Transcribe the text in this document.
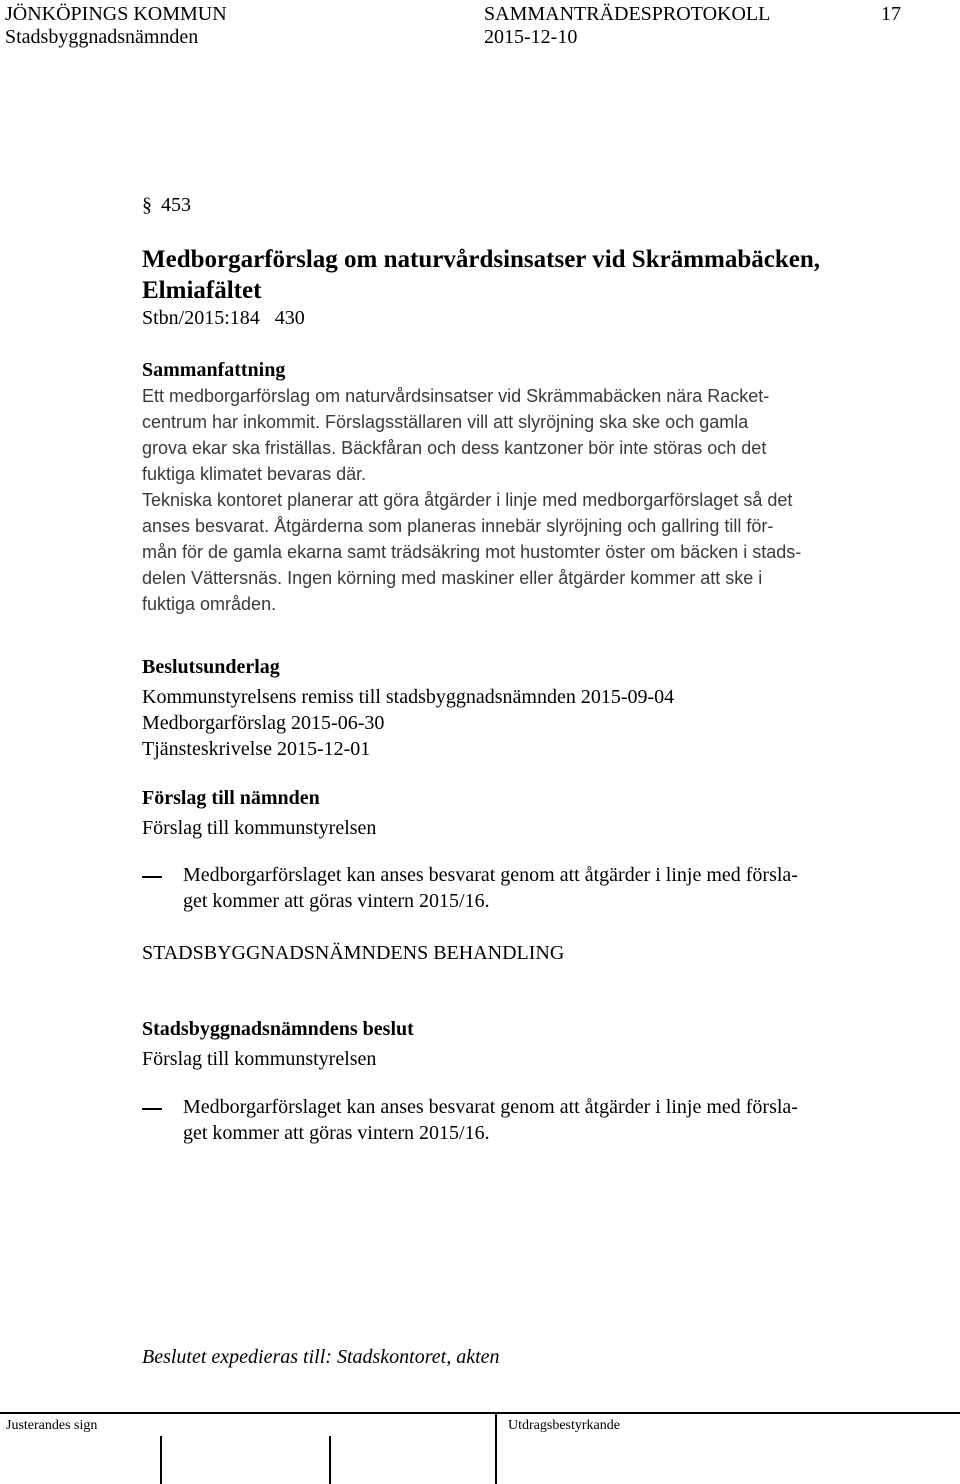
JÖNKÖPINGS KOMMUN
Stadsbyggnadsnämnden
SAMMANTRÄDESPROTOKOLL
2015-12-10
17
§ 453
Medborgarförslag om naturvårdsinsatser vid Skrämmabäcken,
Elmiafältet
Stbn/2015:184   430
Sammanfattning
Ett medborgarförslag om naturvårdsinsatser vid Skrämmabäcken nära Racket-
centrum har inkommit. Förslagsställaren vill att slyröjning ska ske och gamla
grova ekar ska friställas. Bäckfåran och dess kantzoner bör inte störas och det
fuktiga klimatet bevaras där.
Tekniska kontoret planerar att göra åtgärder i linje med medborgarförslaget så det
anses besvarat. Åtgärderna som planeras innebär slyröjning och gallring till för-
mån för de gamla ekarna samt trädsäkring mot hustomter öster om bäcken i stads-
delen Vättersnäs. Ingen körning med maskiner eller åtgärder kommer att ske i
fuktiga områden.
Beslutsunderlag
Kommunstyrelsens remiss till stadsbyggnadsnämnden 2015-09-04
Medborgarförslag 2015-06-30
Tjänsteskrivelse 2015-12-01
Förslag till nämnden
Förslag till kommunstyrelsen
Medborgarförslaget kan anses besvarat genom att åtgärder i linje med försla-
get kommer att göras vintern 2015/16.
STADSBYGGNADSNÄMNDENS BEHANDLING
Stadsbyggnadsnämndens beslut
Förslag till kommunstyrelsen
Medborgarförslaget kan anses besvarat genom att åtgärder i linje med försla-
get kommer att göras vintern 2015/16.
Beslutet expedieras till: Stadskontoret, akten
Justerandes sign	Utdragsbestyrkande
